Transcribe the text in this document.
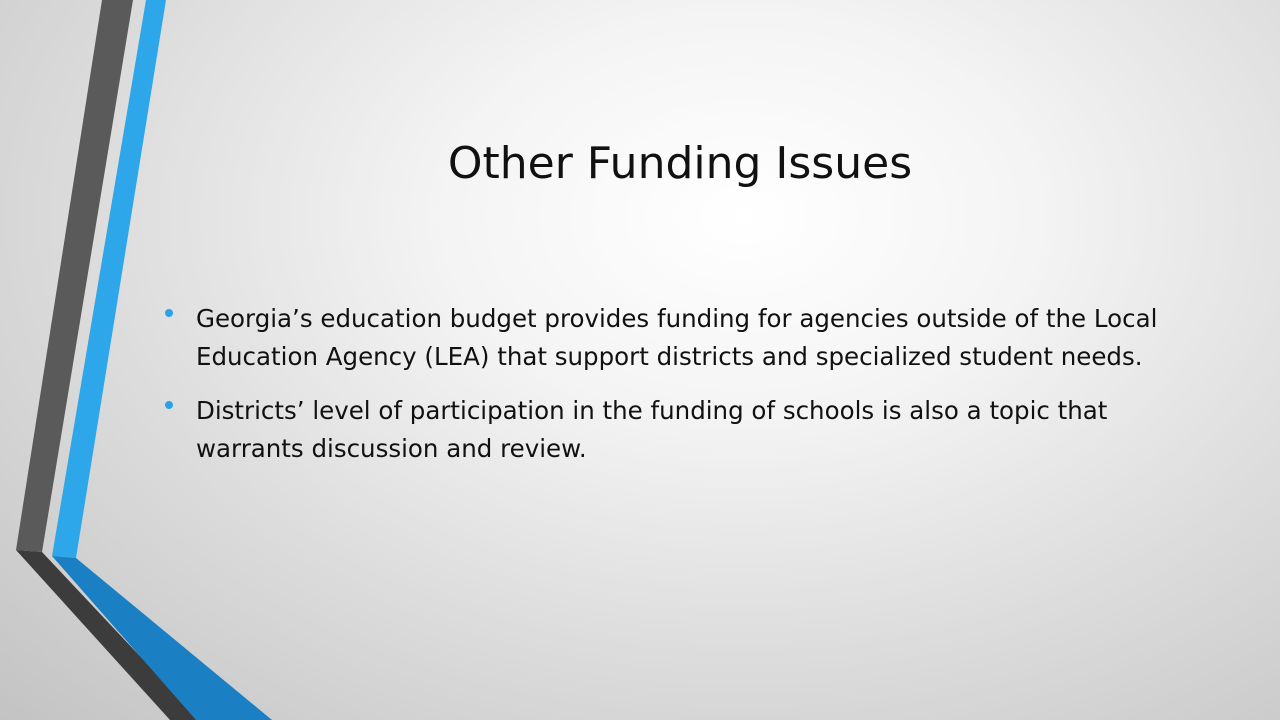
Other Funding Issues
Georgia’s education budget provides funding for agencies outside of the Local Education Agency (LEA) that support districts and specialized student needs.
Districts’ level of participation in the funding of schools is also a topic that warrants discussion and review.
